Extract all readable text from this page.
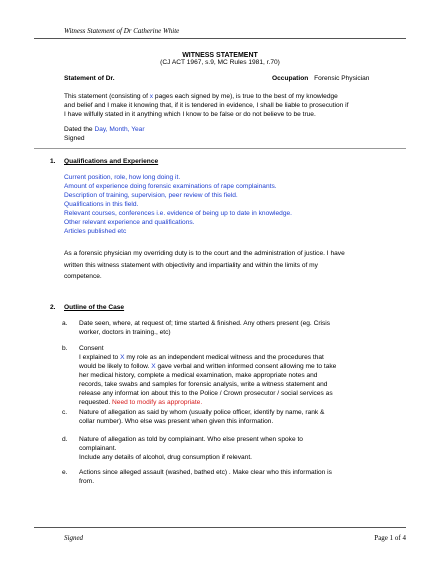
Witness Statement of Dr Catherine White
WITNESS STATEMENT
(CJ ACT 1967, s.9, MC Rules 1981, r.70)
Statement of Dr.	Occupation Forensic Physician
This statement (consisting of x pages each signed by me), is true to the best of my knowledge
and belief and I make it knowing that, if it is tendered in evidence, I shall be liable to prosecution if
I have wilfully stated in it anything which I know to be false or do not believe to be true.
Dated the Day, Month, Year
Signed
1. Qualifications and Experience
Current position, role, how long doing it.
Amount of experience doing forensic examinations of rape complainants.
Description of training, supervision, peer review of this field.
Qualifications in this field.
Relevant courses, conferences i.e. evidence of being up to date in knowledge.
Other relevant experience and qualifications.
Articles published etc
As a forensic physician my overriding duty is to the court and the administration of justice. I have
written this witness statement with objectivity and impartiality and within the limits of my
competence.
2. Outline of the Case
a. Date seen, where, at request of; time started & finished. Any others present (eg. Crisis
worker, doctors in training., etc)
b. Consent
I explained to X my role as an independent medical witness and the procedures that
would be likely to follow. X gave verbal and written informed consent allowing me to take
her medical history, complete a medical examination, make appropriate notes and
records, take swabs and samples for forensic analysis, write a witness statement and
release any informat ion about this to the Police / Crown prosecutor / social services as
requested. Need to modify as appropriate.
c. Nature of allegation as said by whom (usually police officer, identify by name, rank &
collar number). Who else was present when given this information.
d. Nature of allegation as told by complainant. Who else present when spoke to
complainant.
Include any details of alcohol, drug consumption if relevant.
e. Actions since alleged assault (washed, bathed etc) . Make clear who this information is
from.
Signed	Page 1 of 4
